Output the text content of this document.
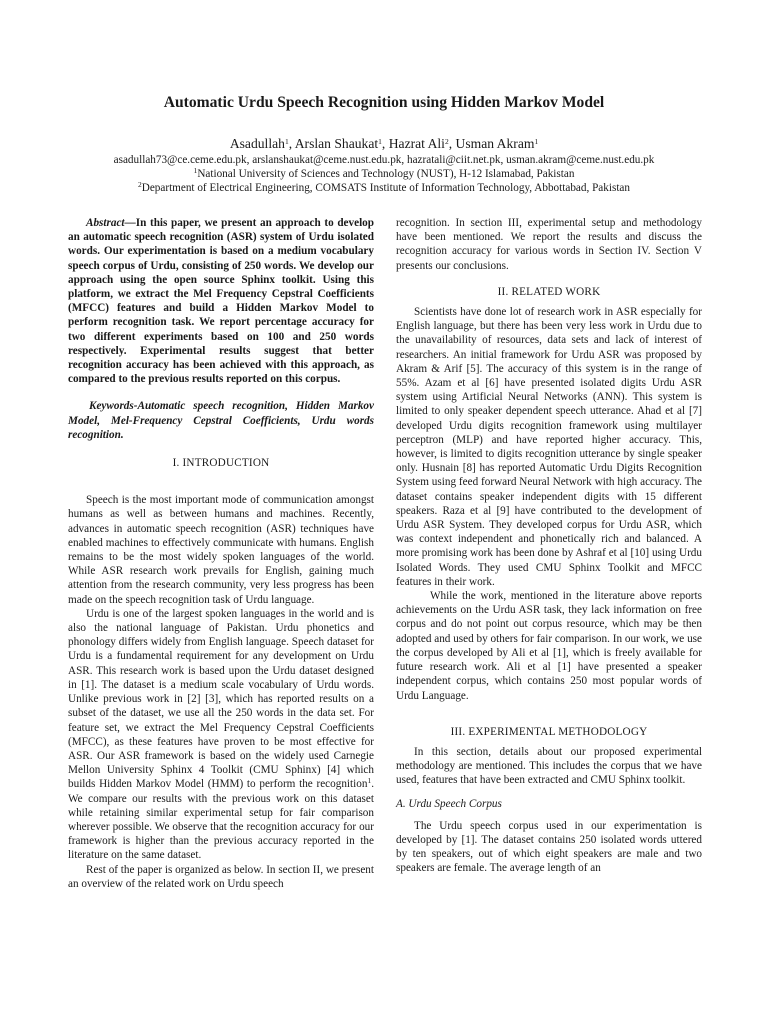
Automatic Urdu Speech Recognition using Hidden Markov Model
Asadullah$^1$, Arslan Shaukat$^1$, Hazrat Ali$^2$, Usman Akram$^1$
asadullah73@ce.ceme.edu.pk, arslanshaukat@ceme.nust.edu.pk, hazratali@ciit.net.pk, usman.akram@ceme.nust.edu.pk
$^1$National University of Sciences and Technology (NUST), H-12 Islamabad, Pakistan
$^2$Department of Electrical Engineering, COMSATS Institute of Information Technology, Abbottabad, Pakistan

Abstract—In this paper, we present an approach to develop an automatic speech recognition (ASR) system of Urdu isolated words. Our experimentation is based on a medium vocabulary speech corpus of Urdu, consisting of 250 words. We develop our approach using the open source Sphinx toolkit. Using this platform, we extract the Mel Frequency Cepstral Coefficients (MFCC) features and build a Hidden Markov Model to perform recognition task. We report percentage accuracy for two different experiments based on 100 and 250 words respectively. Experimental results suggest that better recognition accuracy has been achieved with this approach, as compared to the previous results reported on this corpus.

Keywords-Automatic speech recognition, Hidden Markov Model, Mel-Frequency Cepstral Coefficients, Urdu words recognition.

I. INTRODUCTION

Speech is the most important mode of communication amongst humans as well as between humans and machines. Recently, advances in automatic speech recognition (ASR) techniques have enabled machines to effectively communicate with humans. English remains to be the most widely spoken languages of the world. While ASR research work prevails for English, gaining much attention from the research community, very less progress has been made on the speech recognition task of Urdu language.

Urdu is one of the largest spoken languages in the world and is also the national language of Pakistan. Urdu phonetics and phonology differs widely from English language. Speech dataset for Urdu is a fundamental requirement for any development on Urdu ASR. This research work is based upon the Urdu dataset designed in [1]. The dataset is a medium scale vocabulary of Urdu words. Unlike previous work in [2] [3], which has reported results on a subset of the dataset, we use all the 250 words in the data set. For feature set, we extract the Mel Frequency Cepstral Coefficients (MFCC), as these features have proven to be most effective for ASR. Our ASR framework is based on the widely used Carnegie Mellon University Sphinx 4 Toolkit (CMU Sphinx) [4] which builds Hidden Markov Model (HMM) to perform the recognition$^1$. We compare our results with the previous work on this dataset while retaining similar experimental setup for fair comparison wherever possible. We observe that the recognition accuracy for our framework is higher than the previous accuracy reported in the literature on the same dataset.

Rest of the paper is organized as below. In section II, we present an overview of the related work on Urdu speech

recognition. In section III, experimental setup and methodology have been mentioned. We report the results and discuss the recognition accuracy for various words in Section IV. Section V presents our conclusions.

II. RELATED WORK

Scientists have done lot of research work in ASR especially for English language, but there has been very less work in Urdu due to the unavailability of resources, data sets and lack of interest of researchers. An initial framework for Urdu ASR was proposed by Akram & Arif [5]. The accuracy of this system is in the range of 55%. Azam et al [6] have presented isolated digits Urdu ASR system using Artificial Neural Networks (ANN). This system is limited to only speaker dependent speech utterance. Ahad et al [7] developed Urdu digits recognition framework using multilayer perceptron (MLP) and have reported higher accuracy. This, however, is limited to digits recognition utterance by single speaker only. Husnain [8] has reported Automatic Urdu Digits Recognition System using feed forward Neural Network with high accuracy. The dataset contains speaker independent digits with 15 different speakers. Raza et al [9] have contributed to the development of Urdu ASR System. They developed corpus for Urdu ASR, which was context independent and phonetically rich and balanced. A more promising work has been done by Ashraf et al [10] using Urdu Isolated Words. They used CMU Sphinx Toolkit and MFCC features in their work.

While the work, mentioned in the literature above reports achievements on the Urdu ASR task, they lack information on free corpus and do not point out corpus resource, which may be then adopted and used by others for fair comparison. In our work, we use the corpus developed by Ali et al [1], which is freely available for future research work. Ali et al [1] have presented a speaker independent corpus, which contains 250 most popular words of Urdu Language.

III. EXPERIMENTAL METHODOLOGY

In this section, details about our proposed experimental methodology are mentioned. This includes the corpus that we have used, features that have been extracted and CMU Sphinx toolkit.

A. Urdu Speech Corpus

The Urdu speech corpus used in our experimentation is developed by [1]. The dataset contains 250 isolated words uttered by ten speakers, out of which eight speakers are male and two speakers are female. The average length of an
